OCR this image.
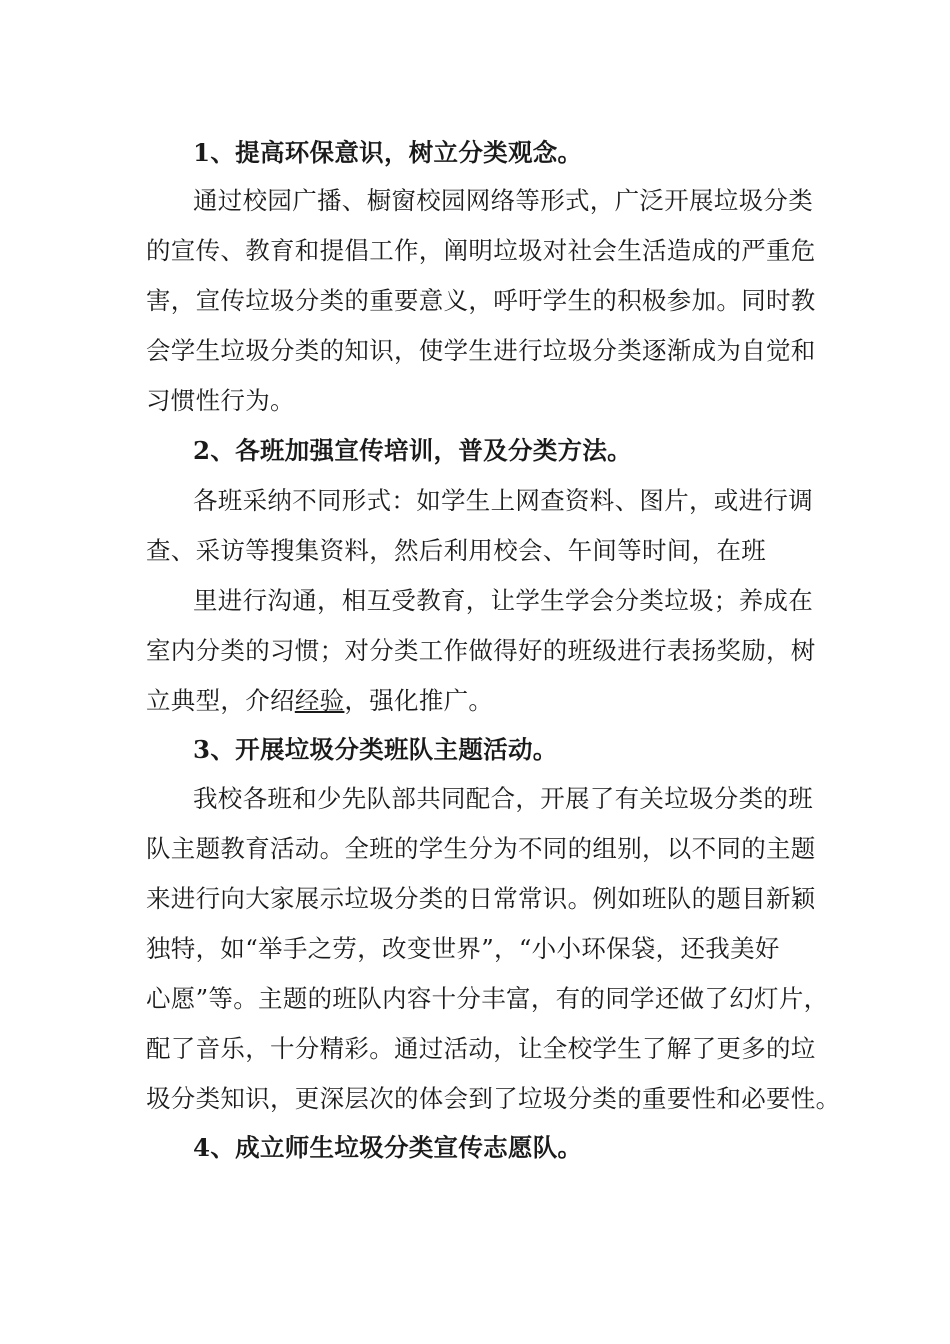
1、提高环保意识，树立分类观念。
通过校园广播、橱窗校园网络等形式，广泛开展垃圾分类
的宣传、教育和提倡工作，阐明垃圾对社会生活造成的严重危
害，宣传垃圾分类的重要意义，呼吁学生的积极参加。同时教
会学生垃圾分类的知识，使学生进行垃圾分类逐渐成为自觉和
习惯性行为。
2、各班加强宣传培训，普及分类方法。
各班采纳不同形式：如学生上网查资料、图片，或进行调
查、采访等搜集资料，然后利用校会、午间等时间，在班
里进行沟通，相互受教育，让学生学会分类垃圾；养成在
室内分类的习惯；对分类工作做得好的班级进行表扬奖励，树
立典型，介绍经验，强化推广。
3、开展垃圾分类班队主题活动。
我校各班和少先队部共同配合，开展了有关垃圾分类的班
队主题教育活动。全班的学生分为不同的组别，以不同的主题
来进行向大家展示垃圾分类的日常常识。例如班队的题目新颖
独特，如“举手之劳，改变世界”，“小小环保袋，还我美好
心愿”等。主题的班队内容十分丰富，有的同学还做了幻灯片，
配了音乐，十分精彩。通过活动，让全校学生了解了更多的垃
圾分类知识，更深层次的体会到了垃圾分类的重要性和必要性。
4、成立师生垃圾分类宣传志愿队。
